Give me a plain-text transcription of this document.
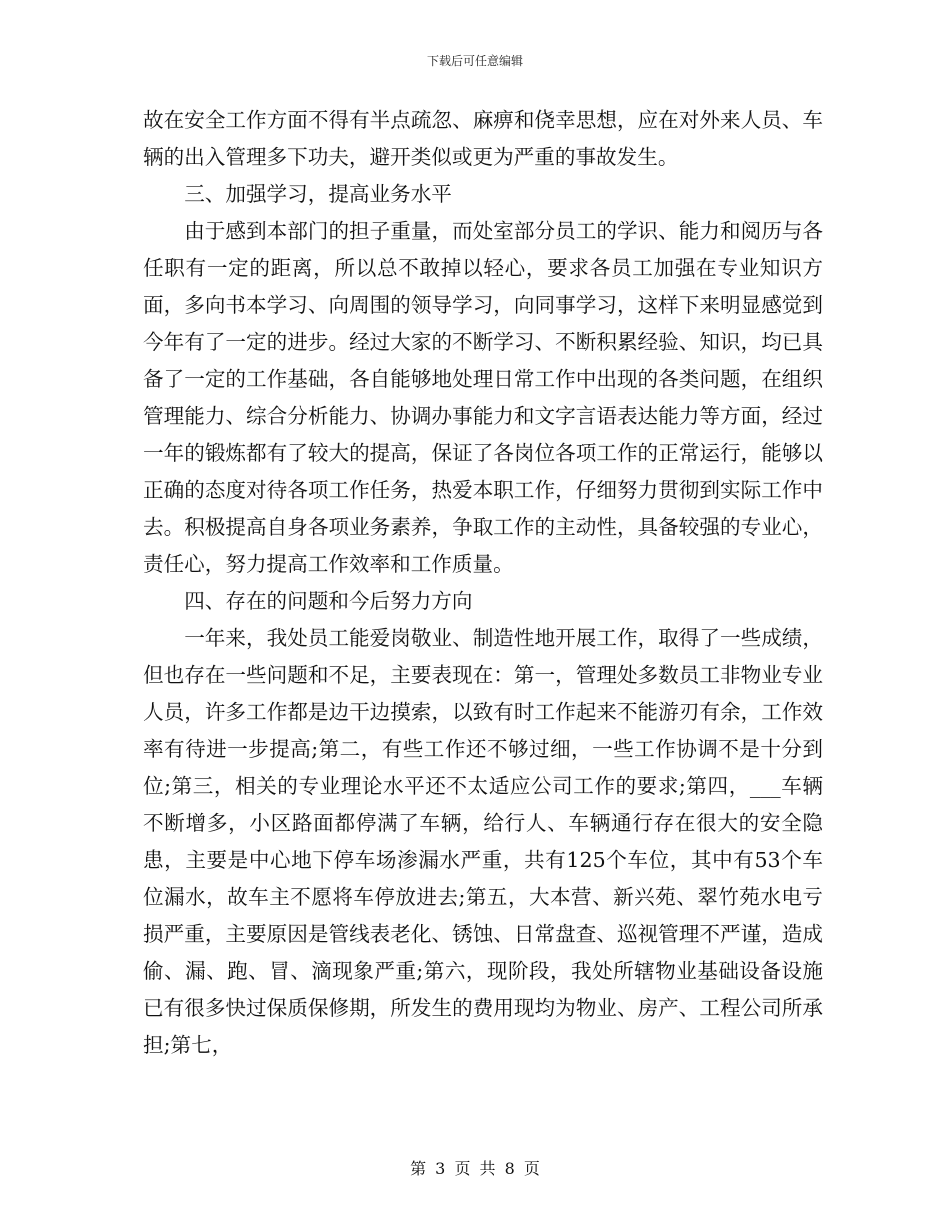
下载后可任意编辑

故在安全工作方面不得有半点疏忽、麻痹和侥幸思想，应在对外来人员、车辆的出入管理多下功夫，避开类似或更为严重的事故发生。

三、加强学习，提高业务水平

由于感到本部门的担子重量，而处室部分员工的学识、能力和阅历与各任职有一定的距离，所以总不敢掉以轻心，要求各员工加强在专业知识方面，多向书本学习、向周围的领导学习，向同事学习，这样下来明显感觉到今年有了一定的进步。经过大家的不断学习、不断积累经验、知识，均已具备了一定的工作基础，各自能够地处理日常工作中出现的各类问题，在组织管理能力、综合分析能力、协调办事能力和文字言语表达能力等方面，经过一年的锻炼都有了较大的提高，保证了各岗位各项工作的正常运行，能够以正确的态度对待各项工作任务，热爱本职工作，仔细努力贯彻到实际工作中去。积极提高自身各项业务素养，争取工作的主动性，具备较强的专业心，责任心，努力提高工作效率和工作质量。

四、存在的问题和今后努力方向

一年来，我处员工能爱岗敬业、制造性地开展工作，取得了一些成绩，但也存在一些问题和不足，主要表现在：第一，管理处多数员工非物业专业人员，许多工作都是边干边摸索，以致有时工作起来不能游刃有余，工作效率有待进一步提高;第二，有些工作还不够过细，一些工作协调不是十分到位;第三，相关的专业理论水平还不太适应公司工作的要求;第四，___车辆不断增多，小区路面都停满了车辆，给行人、车辆通行存在很大的安全隐患，主要是中心地下停车场渗漏水严重，共有125个车位，其中有53个车位漏水，故车主不愿将车停放进去;第五，大本营、新兴苑、翠竹苑水电亏损严重，主要原因是管线表老化、锈蚀、日常盘查、巡视管理不严谨，造成偷、漏、跑、冒、滴现象严重;第六，现阶段，我处所辖物业基础设备设施已有很多快过保质保修期，所发生的费用现均为物业、房产、工程公司所承担;第七，

第 3 页 共 8 页
